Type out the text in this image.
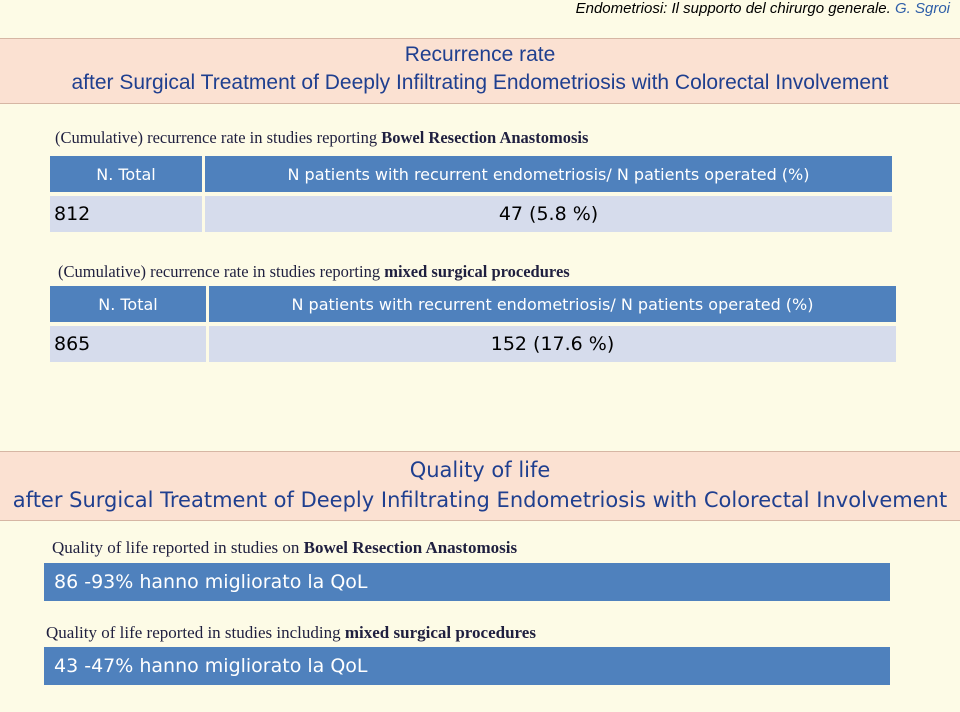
Endometriosi: Il supporto del chirurgo generale. G. Sgroi
Recurrence rate
after Surgical Treatment of Deeply Infiltrating Endometriosis with Colorectal Involvement
(Cumulative) recurrence rate in studies reporting Bowel Resection Anastomosis
N. Total	N patients with recurrent endometriosis/ N patients operated (%)
812	47 (5.8 %)
(Cumulative) recurrence rate in studies reporting mixed surgical procedures
N. Total	N patients with recurrent endometriosis/ N patients operated (%)
865	152 (17.6 %)
Quality of life
after Surgical Treatment of Deeply Infiltrating Endometriosis with Colorectal Involvement
Quality of life reported in studies on Bowel Resection Anastomosis
86 -93% hanno migliorato la QoL
Quality of life reported in studies including mixed surgical procedures
43 -47% hanno migliorato la QoL
